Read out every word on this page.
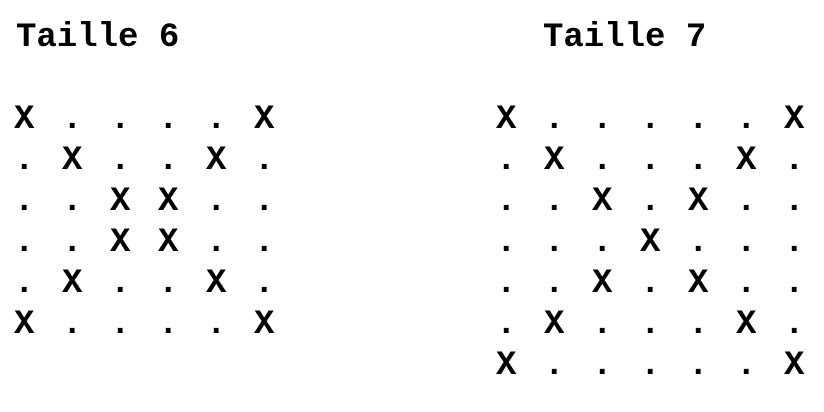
Taille 6	Taille 7
X . . . . X
. X . . X .
. . X X . .
. . X X . .
. X . . X .
X . . . . X
X . . . . . X
. X . . . X .
. . X . X . .
. . . X . . .
. . X . X . .
. X . . . X .
X . . . . . X
